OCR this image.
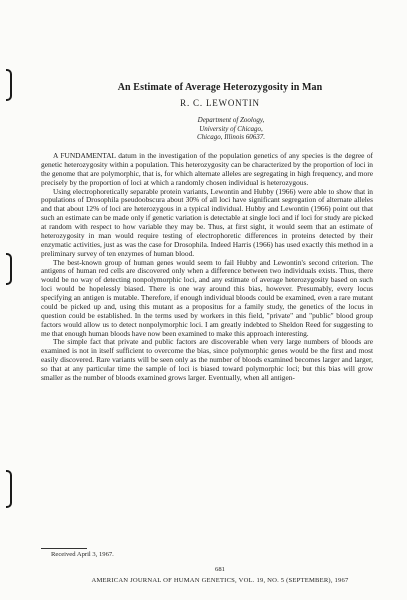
An Estimate of Average Heterozygosity in Man
R. C. LEWONTIN
Department of Zoology,
University of Chicago,
Chicago, Illinois 60637.

A FUNDAMENTAL datum in the investigation of the population genetics of any species is the degree of genetic heterozygosity within a population. This heterozygosity can be characterized by the proportion of loci in the genome that are polymorphic, that is, for which alternate alleles are segregating in high frequency, and more precisely by the proportion of loci at which a randomly chosen individual is heterozygous.

Using electrophoretically separable protein variants, Lewontin and Hubby (1966) were able to show that in populations of Drosophila pseudoobscura about 30% of all loci have significant segregation of alternate alleles and that about 12% of loci are heterozygous in a typical individual. Hubby and Lewontin (1966) point out that such an estimate can be made only if genetic variation is detectable at single loci and if loci for study are picked at random with respect to how variable they may be. Thus, at first sight, it would seem that an estimate of heterozygosity in man would require testing of electrophoretic differences in proteins detected by their enzymatic activities, just as was the case for Drosophila. Indeed Harris (1966) has used exactly this method in a preliminary survey of ten enzymes of human blood.

The best-known group of human genes would seem to fail Hubby and Lewontin's second criterion. The antigens of human red cells are discovered only when a difference between two individuals exists. Thus, there would be no way of detecting nonpolymorphic loci, and any estimate of average heterozygosity based on such loci would be hopelessly biased. There is one way around this bias, however. Presumably, every locus specifying an antigen is mutable. Therefore, if enough individual bloods could be examined, even a rare mutant could be picked up and, using this mutant as a propositus for a family study, the genetics of the locus in question could be established. In the terms used by workers in this field, "private" and "public" blood group factors would allow us to detect nonpolymorphic loci. I am greatly indebted to Sheldon Reed for suggesting to me that enough human bloods have now been examined to make this approach interesting.

The simple fact that private and public factors are discoverable when very large numbers of bloods are examined is not in itself sufficient to overcome the bias, since polymorphic genes would be the first and most easily discovered. Rare variants will be seen only as the number of bloods examined becomes larger and larger, so that at any particular time the sample of loci is biased toward polymorphic loci; but this bias will grow smaller as the number of bloods examined grows larger. Eventually, when all antigen-

Received April 3, 1967.
681
AMERICAN JOURNAL OF HUMAN GENETICS, VOL. 19, NO. 5 (SEPTEMBER), 1967
